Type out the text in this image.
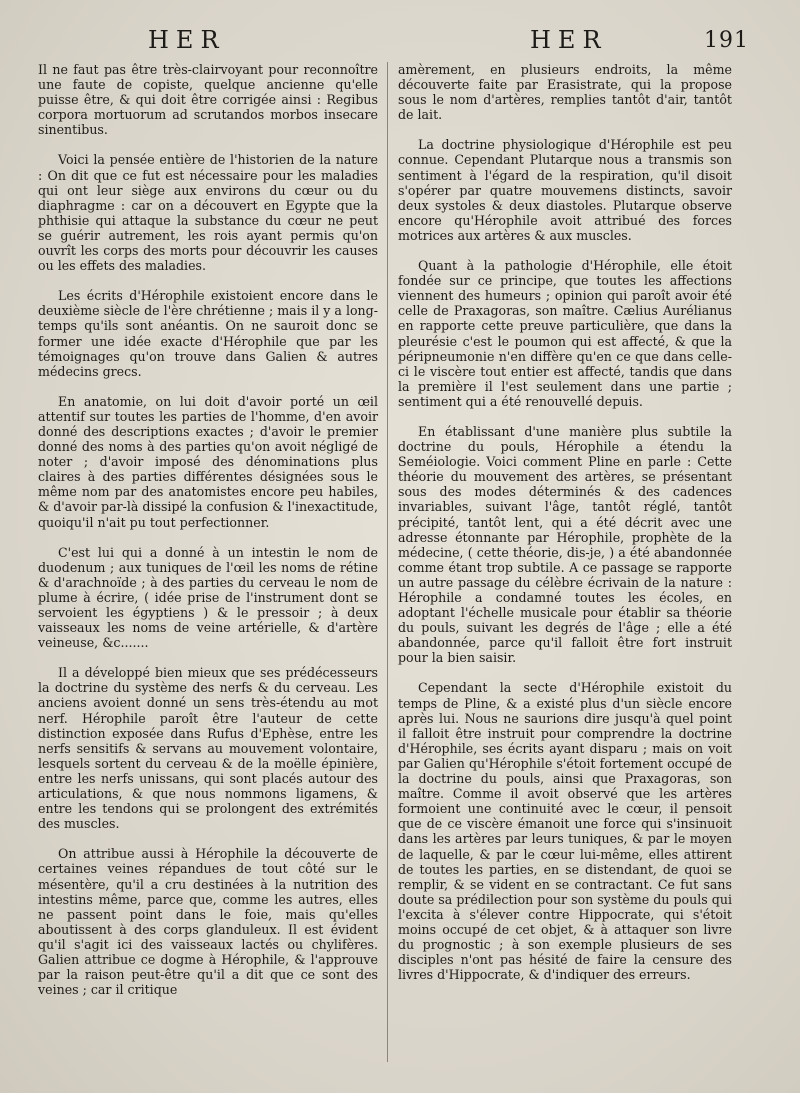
HER	HER	191

Il ne faut pas être très-clairvoyant pour reconnoître une faute de copiste, quelque ancienne qu'elle puisse être, & qui doit être corrigée ainsi : Regibus corpora mortuorum ad scrutandos morbos insecare sinentibus.

Voici la pensée entière de l'historien de la nature : On dit que ce fut est nécessaire pour les maladies qui ont leur siège aux environs du cœur ou du diaphragme : car on a découvert en Egypte que la phthisie qui attaque la substance du cœur ne peut se guérir autrement, les rois ayant permis qu'on ouvrît les corps des morts pour découvrir les causes ou les effets des maladies.

Les écrits d'Hérophile existoient encore dans le deuxième siècle de l'ère chrétienne ; mais il y a long-temps qu'ils sont anéantis. On ne sauroit donc se former une idée exacte d'Hérophile que par les témoignages qu'on trouve dans Galien & autres médecins grecs.

En anatomie, on lui doit d'avoir porté un œil attentif sur toutes les parties de l'homme, d'en avoir donné des descriptions exactes ; d'avoir le premier donné des noms à des parties qu'on avoit négligé de noter ; d'avoir imposé des dénominations plus claires à des parties différentes désignées sous le même nom par des anatomistes encore peu habiles, & d'avoir par-là dissipé la confusion & l'inexactitude, quoiqu'il n'ait pu tout perfectionner.

C'est lui qui a donné à un intestin le nom de duodenum ; aux tuniques de l'œil les noms de rétine & d'arachnoïde ; à des parties du cerveau le nom de plume à écrire, ( idée prise de l'instrument dont se servoient les égyptiens ) & le pressoir ; à deux vaisseaux les noms de veine artérielle, & d'artère veineuse, &c.......

Il a développé bien mieux que ses prédécesseurs la doctrine du système des nerfs & du cerveau. Les anciens avoient donné un sens très-étendu au mot nerf. Hérophile paroît être l'auteur de cette distinction exposée dans Rufus d'Ephèse, entre les nerfs sensitifs & servans au mouvement volontaire, lesquels sortent du cerveau & de la moëlle épinière, entre les nerfs unissans, qui sont placés autour des articulations, & que nous nommons ligamens, & entre les tendons qui se prolongent des extrémités des muscles.

On attribue aussi à Hérophile la découverte de certaines veines répandues de tout côté sur le mésentère, qu'il a cru destinées à la nutrition des intestins même, parce que, comme les autres, elles ne passent point dans le foie, mais qu'elles aboutissent à des corps glanduleux. Il est évident qu'il s'agit ici des vaisseaux lactés ou chylifères. Galien attribue ce dogme à Hérophile, & l'approuve par la raison peut-être qu'il a dit que ce sont des veines ; car il critique

amèrement, en plusieurs endroits, la même découverte faite par Erasistrate, qui la propose sous le nom d'artères, remplies tantôt d'air, tantôt de lait.

La doctrine physiologique d'Hérophile est peu connue. Cependant Plutarque nous a transmis son sentiment à l'égard de la respiration, qu'il disoit s'opérer par quatre mouvemens distincts, savoir deux systoles & deux diastoles. Plutarque observe encore qu'Hérophile avoit attribué des forces motrices aux artères & aux muscles.

Quant à la pathologie d'Hérophile, elle étoit fondée sur ce principe, que toutes les affections viennent des humeurs ; opinion qui paroît avoir été celle de Praxagoras, son maître. Cælius Aurélianus en rapporte cette preuve particulière, que dans la pleurésie c'est le poumon qui est affecté, & que la péripneumonie n'en diffère qu'en ce que dans celle-ci le viscère tout entier est affecté, tandis que dans la première il l'est seulement dans une partie ; sentiment qui a été renouvellé depuis.

En établissant d'une manière plus subtile la doctrine du pouls, Hérophile a étendu la Seméiologie. Voici comment Pline en parle : Cette théorie du mouvement des artères, se présentant sous des modes déterminés & des cadences invariables, suivant l'âge, tantôt réglé, tantôt précipité, tantôt lent, qui a été décrit avec une adresse étonnante par Hérophile, prophète de la médecine, ( cette théorie, dis-je, ) a été abandonnée comme étant trop subtile. A ce passage se rapporte un autre passage du célèbre écrivain de la nature : Hérophile a condamné toutes les écoles, en adoptant l'échelle musicale pour établir sa théorie du pouls, suivant les degrés de l'âge ; elle a été abandonnée, parce qu'il falloit être fort instruit pour la bien saisir.

Cependant la secte d'Hérophile existoit du temps de Pline, & a existé plus d'un siècle encore après lui. Nous ne saurions dire jusqu'à quel point il falloit être instruit pour comprendre la doctrine d'Hérophile, ses écrits ayant disparu ; mais on voit par Galien qu'Hérophile s'étoit fortement occupé de la doctrine du pouls, ainsi que Praxagoras, son maître. Comme il avoit observé que les artères formoient une continuité avec le cœur, il pensoit que de ce viscère émanoit une force qui s'insinuoit dans les artères par leurs tuniques, & par le moyen de laquelle, & par le cœur lui-même, elles attirent de toutes les parties, en se distendant, de quoi se remplir, & se vident en se contractant. Ce fut sans doute sa prédilection pour son système du pouls qui l'excita à s'élever contre Hippocrate, qui s'étoit moins occupé de cet objet, & à attaquer son livre du prognostic ; à son exemple plusieurs de ses disciples n'ont pas hésité de faire la censure des livres d'Hippocrate, & d'indiquer des erreurs.
